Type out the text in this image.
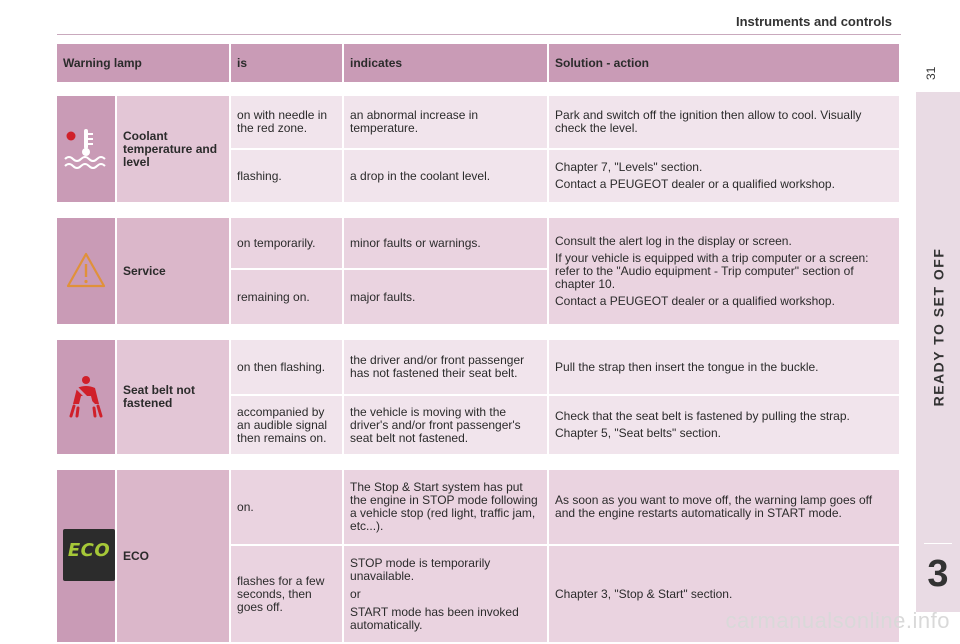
Instruments and controls
31
READY TO SET OFF
3
Warning lamp		is	indicates	Solution - action

	Coolant temperature and level	on with needle in the red zone.	an abnormal increase in temperature.	Park and switch off the ignition then allow to cool. Visually check the level.

		flashing.	a drop in the coolant level.	Chapter 7, "Levels" section.

Contact a PEUGEOT dealer or a qualified workshop.

	Service	on temporarily.	minor faults or warnings.	Consult the alert log in the display or screen.

If your vehicle is equipped with a trip computer or a screen: refer to the "Audio equipment - Trip computer" section of chapter 10.

Contact a PEUGEOT dealer or a qualified workshop.

		remaining on.	major faults.	

	Seat belt not fastened	on then flashing.	the driver and/or front passenger has not fastened their seat belt.	Pull the strap then insert the tongue in the buckle.

		accompanied by an audible signal then remains on.	the vehicle is moving with the driver's and/or front passenger's seat belt not fastened.	Check that the seat belt is fastened by pulling the strap.

Chapter 5, "Seat belts" section.

ECO	ECO	on.	The Stop & Start system has put the engine in STOP mode following a vehicle stop (red light, traffic jam, etc...).	As soon as you want to move off, the warning lamp goes off and the engine restarts automatically in START mode.

		flashes for a few seconds, then goes off.	STOP mode is temporarily unavailable.

or

START mode has been invoked automatically.	Chapter 3, "Stop & Start" section.

carmanualsonline.info
